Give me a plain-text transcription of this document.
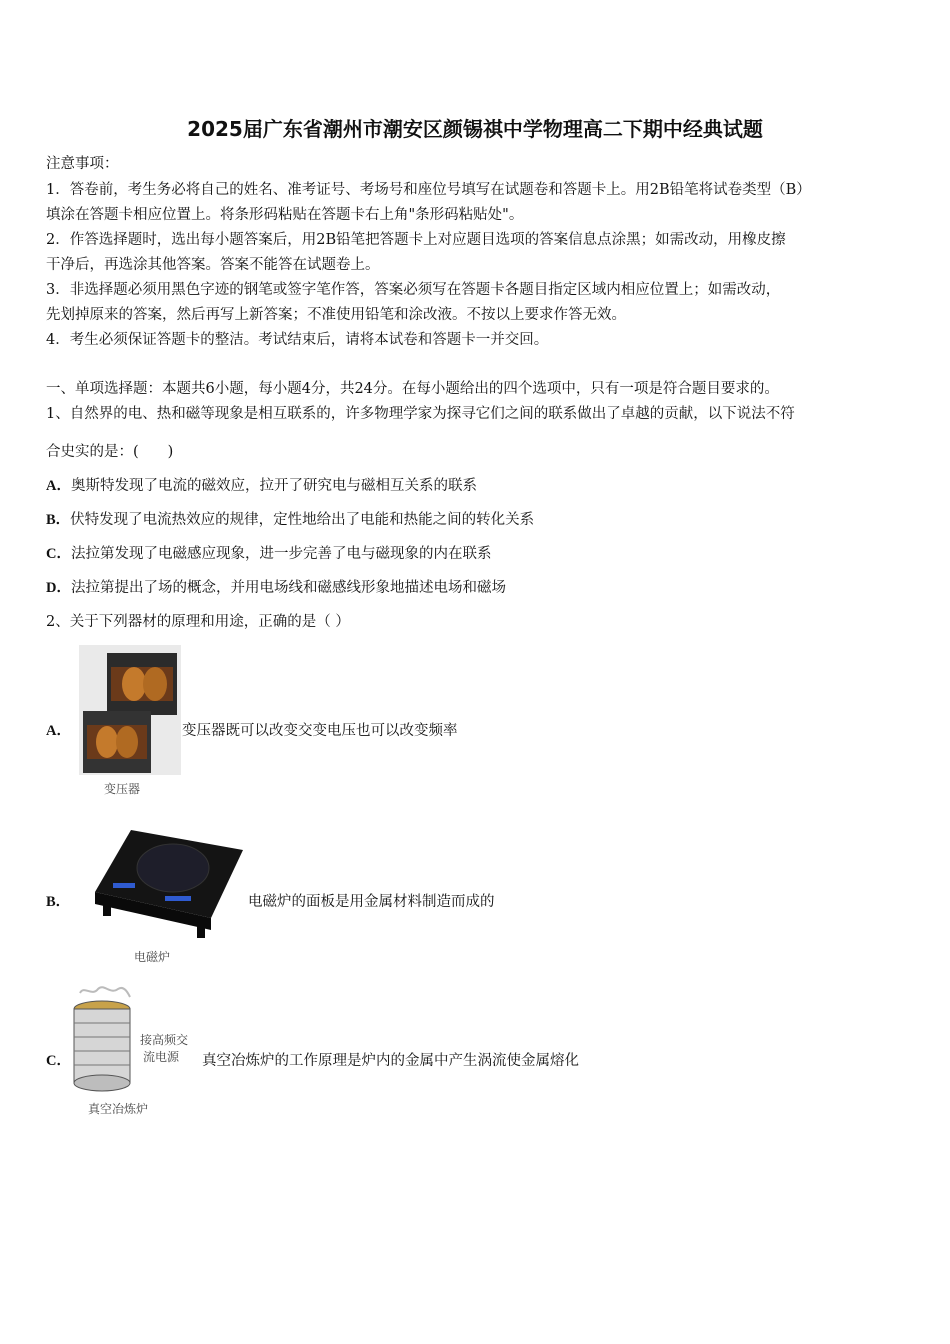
2025届广东省潮州市潮安区颜锡祺中学物理高二下期中经典试题
注意事项：
1．答卷前，考生务必将自己的姓名、准考证号、考场号和座位号填写在试题卷和答题卡上。用2B铅笔将试卷类型（B）
填涂在答题卡相应位置上。将条形码粘贴在答题卡右上角"条形码粘贴处"。
2．作答选择题时，选出每小题答案后，用2B铅笔把答题卡上对应题目选项的答案信息点涂黑；如需改动，用橡皮擦
干净后，再选涂其他答案。答案不能答在试题卷上。
3．非选择题必须用黑色字迹的钢笔或签字笔作答，答案必须写在答题卡各题目指定区域内相应位置上；如需改动，
先划掉原来的答案，然后再写上新答案；不准使用铅笔和涂改液。不按以上要求作答无效。
4．考生必须保证答题卡的整洁。考试结束后，请将本试卷和答题卡一并交回。
一、单项选择题：本题共6小题，每小题4分，共24分。在每小题给出的四个选项中，只有一项是符合题目要求的。
1、自然界的电、热和磁等现象是相互联系的，许多物理学家为探寻它们之间的联系做出了卓越的贡献，以下说法不符
合史实的是：(　　)
A．奥斯特发现了电流的磁效应，拉开了研究电与磁相互关系的联系
B．伏特发现了电流热效应的规律，定性地给出了电能和热能之间的转化关系
C．法拉第发现了电磁感应现象，进一步完善了电与磁现象的内在联系
D．法拉第提出了场的概念，并用电场线和磁感线形象地描述电场和磁场
2、关于下列器材的原理和用途，正确的是（ ）
A．
变压器
变压器既可以改变交变电压也可以改变频率
B．
电磁炉
电磁炉的面板是用金属材料制造而成的
C．
接高频交
流电源
真空冶炼炉
真空冶炼炉的工作原理是炉内的金属中产生涡流使金属熔化
